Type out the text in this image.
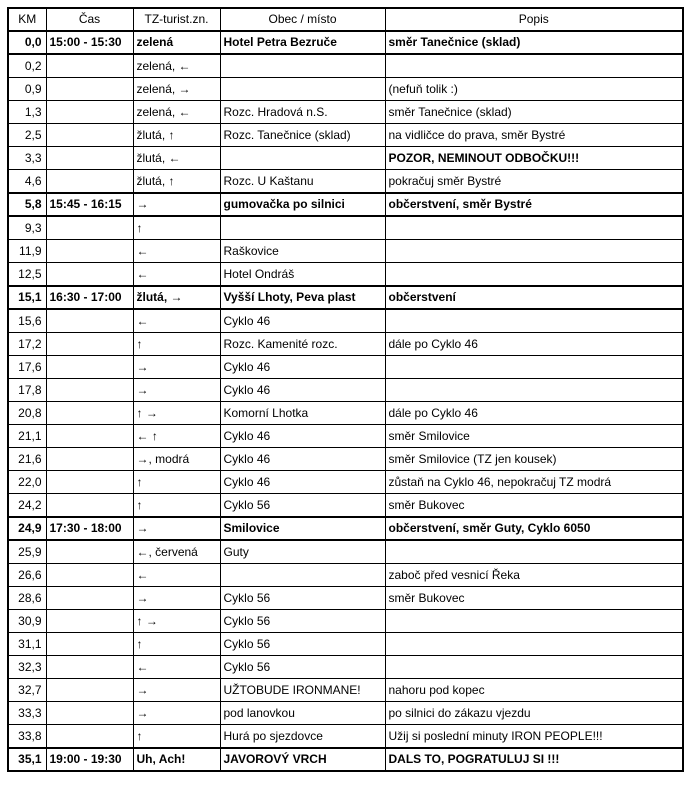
KM	Čas	TZ-turist.zn.	Obec / místo	Popis
0,0	15:00 - 15:30	zelená	Hotel Petra Bezruče	směr Tanečnice (sklad)
0,2		zelená, ←		
0,9		zelená, →		(nefuň tolik :)
1,3		zelená, ←	Rozc. Hradová n.S.	směr Tanečnice (sklad)
2,5		žlutá, ↑	Rozc. Tanečnice (sklad)	na vidličce do prava, směr Bystré
3,3		žlutá, ←		POZOR, NEMINOUT ODBOČKU!!!
4,6		žlutá, ↑	Rozc. U Kaštanu	pokračuj směr Bystré
5,8	15:45 - 16:15	→	gumovačka po silnici	občerstvení, směr Bystré
9,3		↑		
11,9		←	Raškovice	
12,5		←	Hotel Ondráš	
15,1	16:30 - 17:00	žlutá, →	Vyšší Lhoty, Peva plast	občerstvení
15,6		←	Cyklo 46	
17,2		↑	Rozc. Kamenité rozc.	dále po Cyklo 46
17,6		→	Cyklo 46	
17,8		→	Cyklo 46	
20,8		↑ →	Komorní Lhotka	dále po Cyklo 46
21,1		← ↑	Cyklo 46	směr Smilovice
21,6		→, modrá	Cyklo 46	směr Smilovice (TZ jen kousek)
22,0		↑	Cyklo 46	zůstaň na Cyklo 46, nepokračuj TZ modrá
24,2		↑	Cyklo 56	směr Bukovec
24,9	17:30 - 18:00	→	Smilovice	občerstvení, směr Guty, Cyklo 6050
25,9		←, červená	Guty	
26,6		←		zaboč před vesnicí Řeka
28,6		→	Cyklo 56	směr Bukovec
30,9		↑ →	Cyklo 56	
31,1		↑	Cyklo 56	
32,3		←	Cyklo 56	
32,7		→	UŽTOBUDE IRONMANE!	nahoru pod kopec
33,3		→	pod lanovkou	po silnici do zákazu vjezdu
33,8		↑	Hurá po sjezdovce	Užij si poslední minuty IRON PEOPLE!!!
35,1	19:00 - 19:30	Uh, Ach!	JAVOROVÝ VRCH	DALS TO, POGRATULUJ SI !!!
